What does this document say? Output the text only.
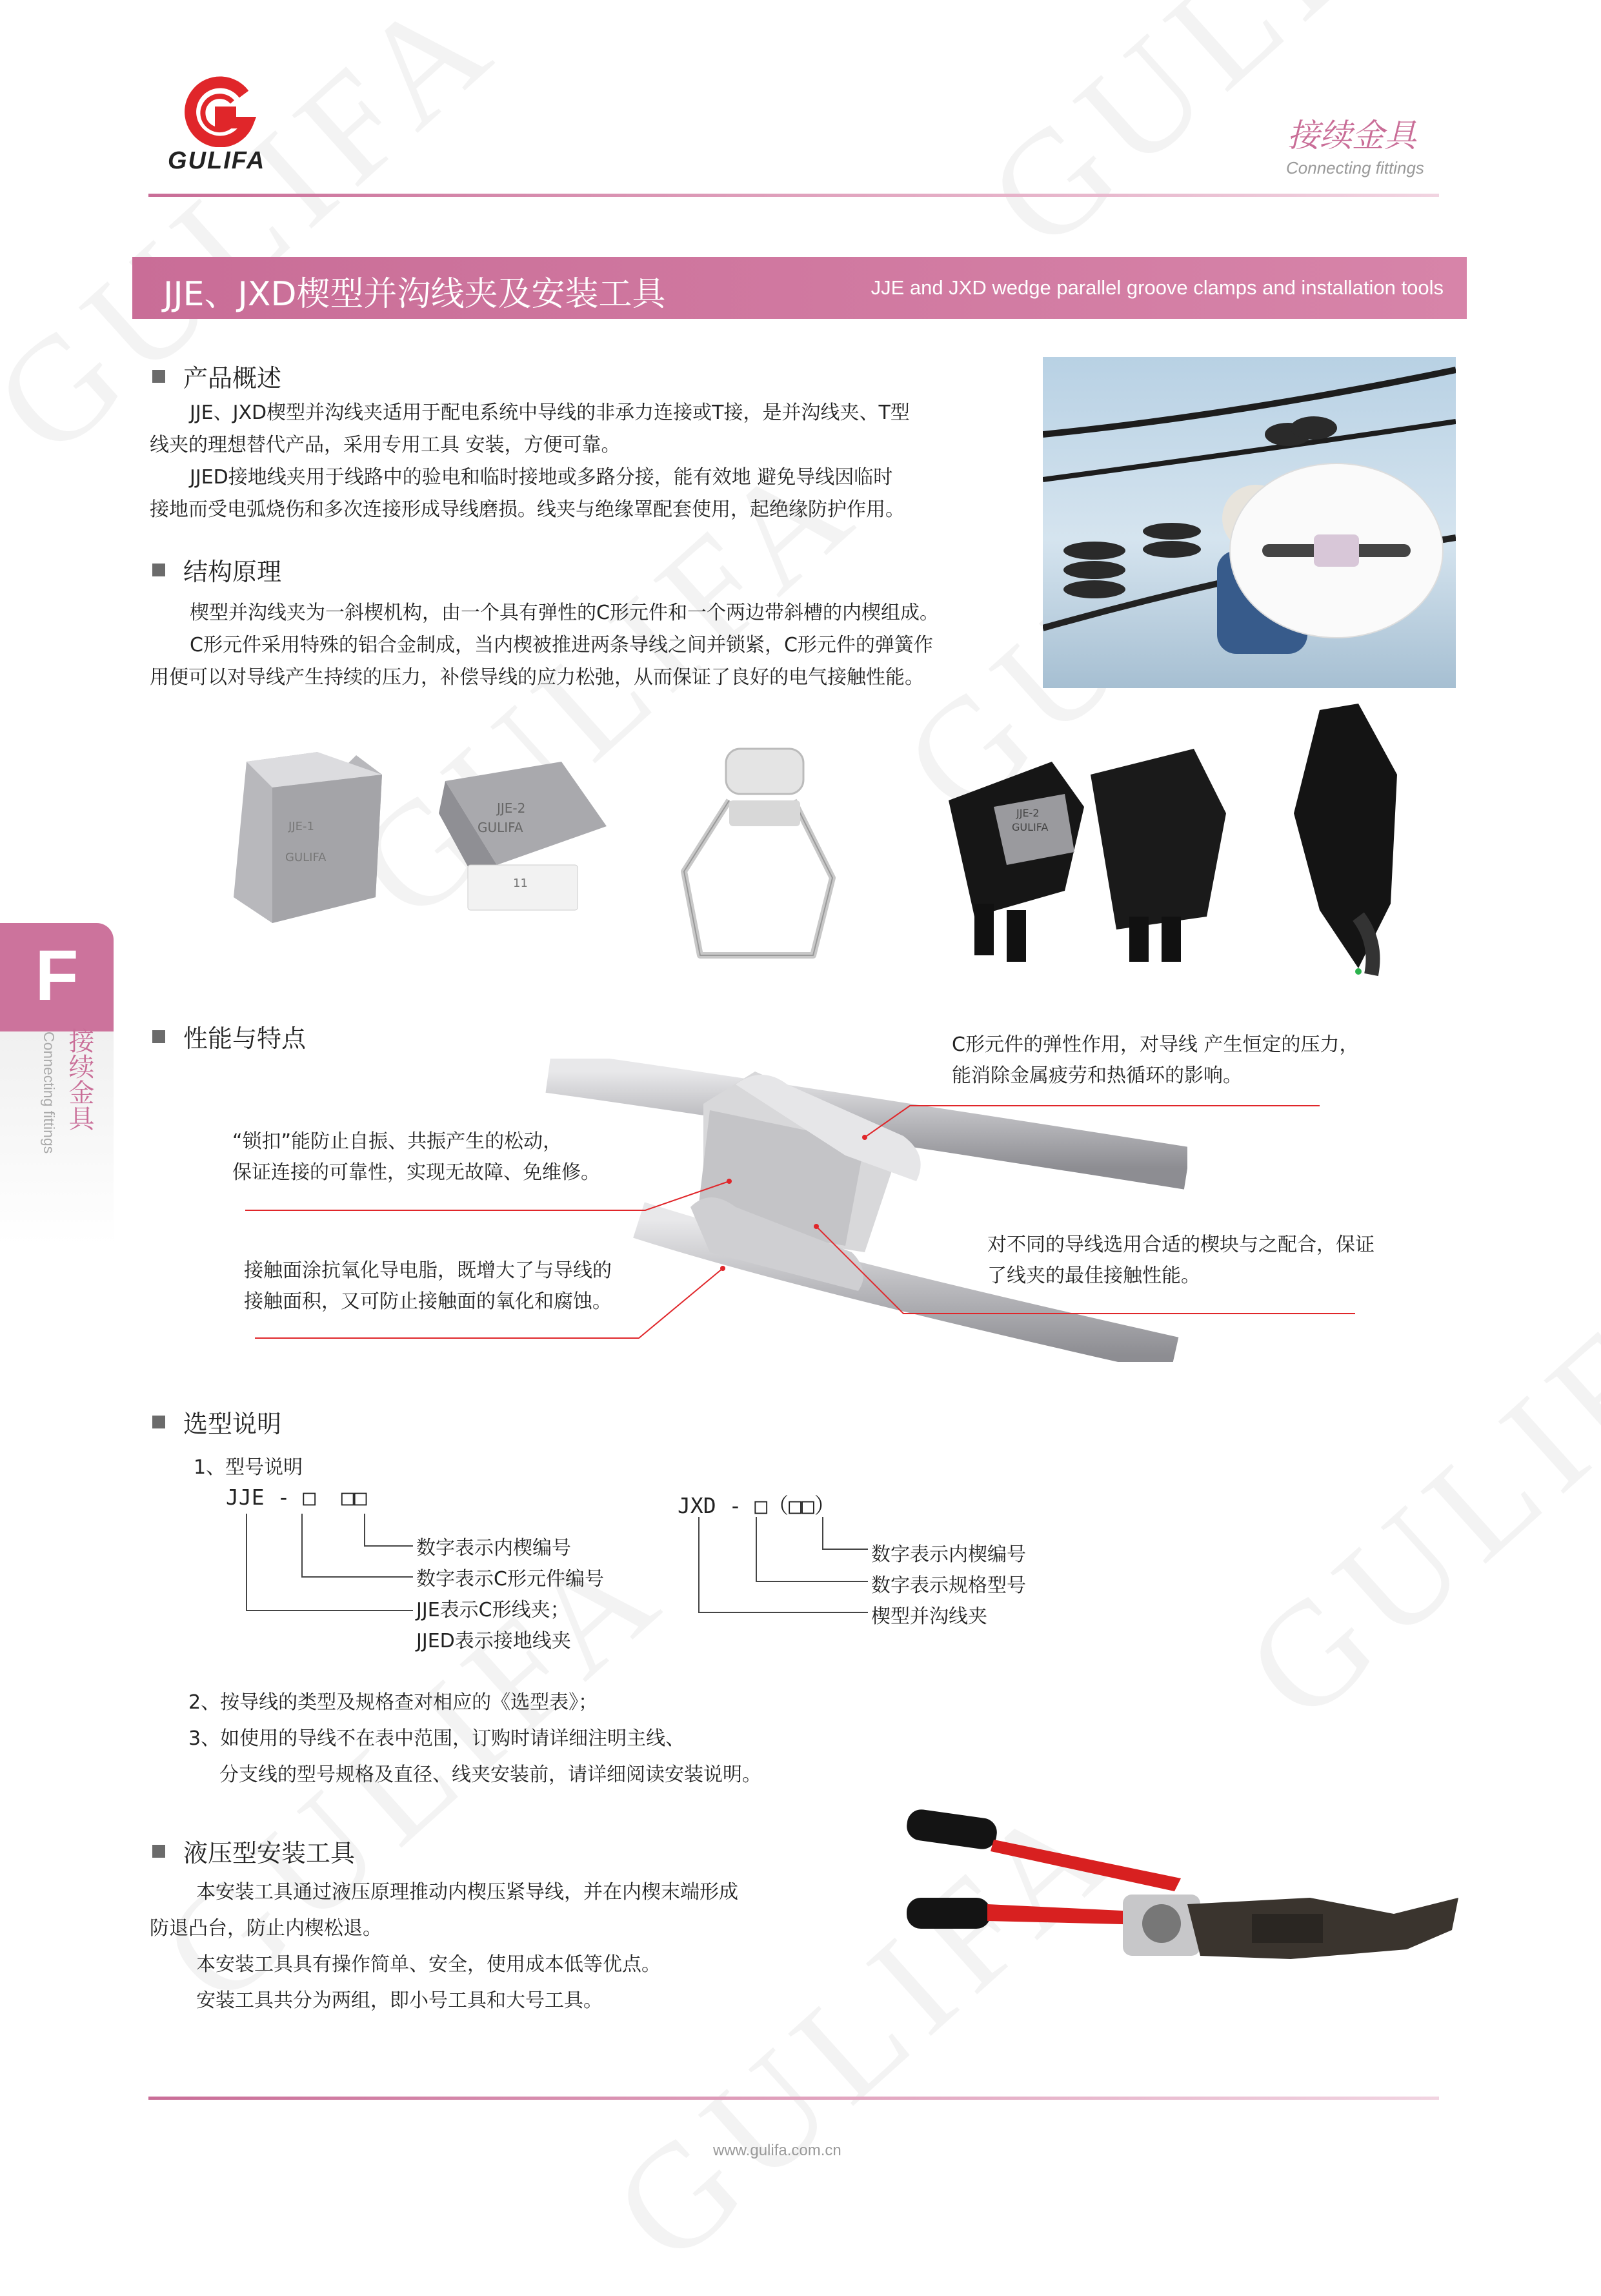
GULIFA
接续金具
Connecting fittings
JJE、JXD楔型并沟线夹及安装工具	JJE and JXD wedge parallel groove clamps and installation tools
F
接续金具
Connecting fittings
产品概述

JJE、JXD楔型并沟线夹适用于配电系统中导线的非承力连接或T接，是并沟线夹、T型

线夹的理想替代产品，采用专用工具 安装，方便可靠。

JJED接地线夹用于线路中的验电和临时接地或多路分接，能有效地 避免导线因临时

接地而受电弧烧伤和多次连接形成导线磨损。线夹与绝缘罩配套使用，起绝缘防护作用。

结构原理

楔型并沟线夹为一斜楔机构，由一个具有弹性的C形元件和一个两边带斜槽的内楔组成。

C形元件采用特殊的铝合金制成，当内楔被推进两条导线之间并锁紧，C形元件的弹簧作

用便可以对导线产生持续的压力，补偿导线的应力松弛，从而保证了良好的电气接触性能。

JJE-1
GULIFA
JJE-2
GULIFA
11
JJE-2
GULIFA
性能与特点	C形元件的弹性作用，对导线 产生恒定的压力，
能消除金属疲劳和热循环的影响。
“锁扣”能防止自振、共振产生的松动，
保证连接的可靠性，实现无故障、免维修。
对不同的导线选用合适的楔块与之配合，保证
了线夹的最佳接触性能。
接触面涂抗氧化导电脂，既增大了与导线的
接触面积，又可防止接触面的氧化和腐蚀。
选型说明
1、型号说明
JJE - □  □□
数字表示内楔编号
数字表示C形元件编号
JJE表示C形线夹；
JJED表示接地线夹
JXD - □（□□）
数字表示内楔编号
数字表示规格型号
楔型并沟线夹

2、按导线的类型及规格查对相应的《选型表》；

3、如使用的导线不在表中范围，订购时请详细注明主线、

分支线的型号规格及直径、线夹安装前，请详细阅读安装说明。

液压型安装工具

本安装工具通过液压原理推动内楔压紧导线，并在内楔末端形成

防退凸台，防止内楔松退。

本安装工具具有操作简单、安全，使用成本低等优点。

安装工具共分为两组，即小号工具和大号工具。

www.gulifa.com.cn
